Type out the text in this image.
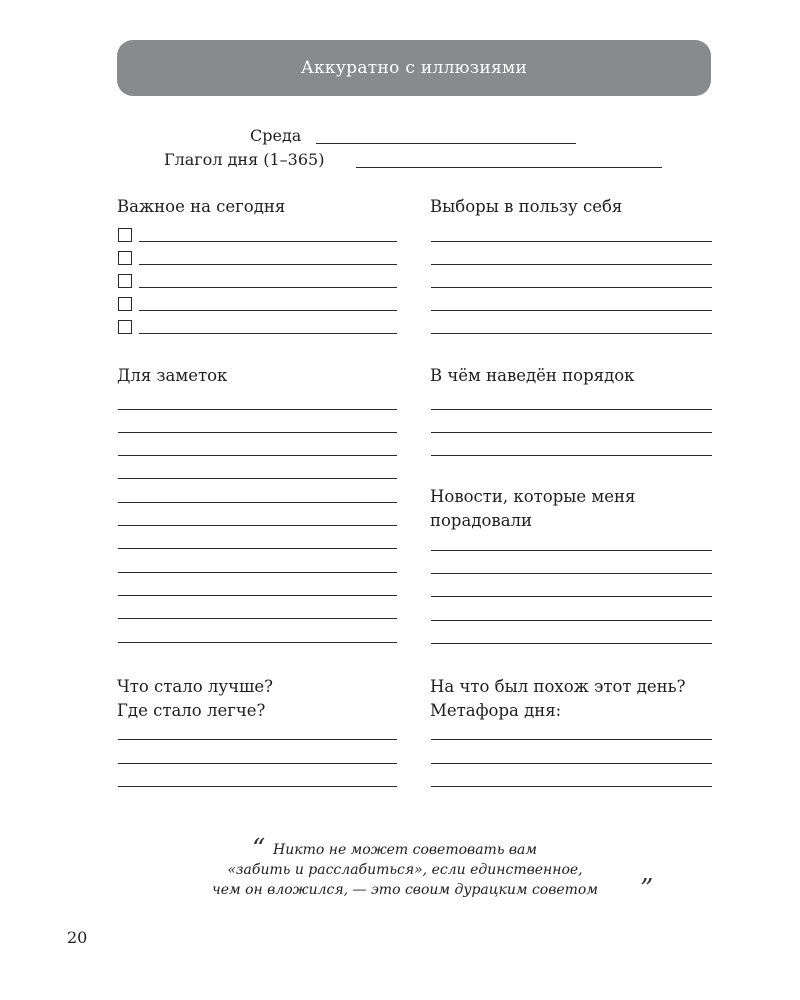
Аккуратно с иллюзиями
Среда
Глагол дня (1–365)
Важное на сегодня	Выборы в пользу себя
Для заметок	В чём наведён порядок
Новости, которые меня
порадовали
Что стало лучше?
Где стало легче?
На что был похож этот день?
Метафора дня:
“ Никто не может советовать вам
«забить и расслабиться», если единственное,
чем он вложился, — это своим дурацким советом	”
20
